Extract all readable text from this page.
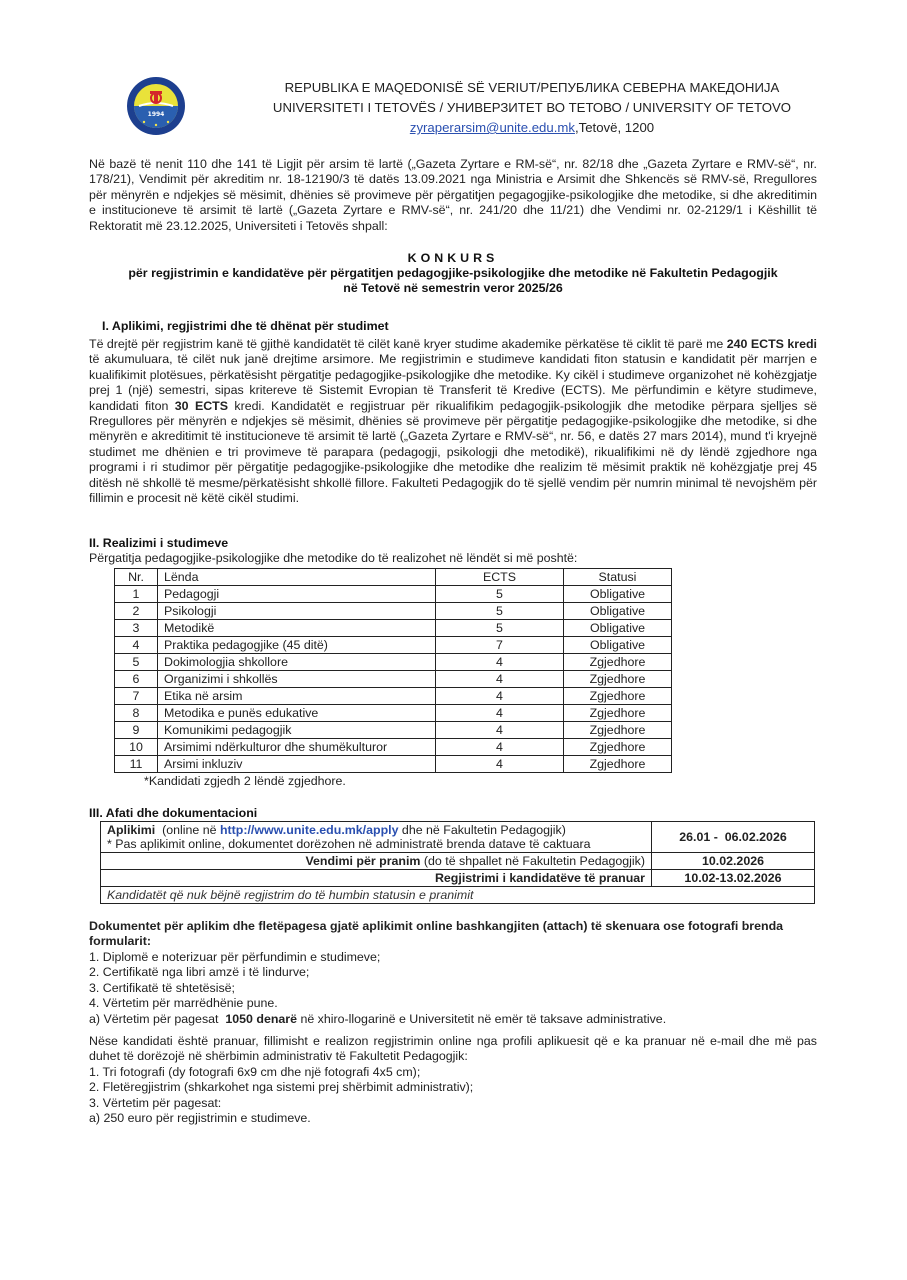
1994
REPUBLIKA E MAQEDONISË SË VERIUT/РЕПУБЛИКА СЕВЕРНА МАКЕДОНИЈА
UNIVERSITETI I TETOVËS / УНИВЕРЗИТЕТ ВО ТЕТОВО / UNIVERSITY OF TETOVO
zyraperarsim@unite.edu.mk,Tetovë, 1200

Në bazë të nenit 110 dhe 141 të Ligjit për arsim të lartë („Gazeta Zyrtare e RM-së“, nr. 82/18 dhe „Gazeta Zyrtare e RMV-së“, nr. 178/21), Vendimit për akreditim nr. 18-12190/3 të datës 13.09.2021 nga Ministria e Arsimit dhe Shkencës së RMV-së, Rregullores për mënyrën e ndjekjes së mësimit, dhënies së provimeve për përgatitjen pegagogjike-psikologjike dhe metodike, si dhe akreditimin e institucioneve të arsimit të lartë („Gazeta Zyrtare e RMV-së“, nr. 241/20 dhe 11/21) dhe Vendimi nr. 02-2129/1 i Këshillit të Rektoratit më 23.12.2025, Universiteti i Tetovës shpall:

KONKURS
për regjistrimin e kandidatëve për përgatitjen pedagogjike-psikologjike dhe metodike në Fakultetin Pedagogjik
në Tetovë në semestrin veror 2025/26
I. Aplikimi, regjistrimi dhe të dhënat për studimet

Të drejtë për regjistrim kanë të gjithë kandidatët të cilët kanë kryer studime akademike përkatëse të ciklit të parë me 240 ECTS kredi të akumuluara, të cilët nuk janë drejtime arsimore. Me regjistrimin e studimeve kandidati fiton statusin e kandidatit për marrjen e kualifikimit plotësues, përkatësisht përgatitje pedagogjike-psikologjike dhe metodike. Ky cikël i studimeve organizohet në kohëzgjatje prej 1 (një) semestri, sipas kritereve të Sistemit Evropian të Transferit të Kredive (ECTS). Me përfundimin e këtyre studimeve, kandidati fiton 30 ECTS kredi. Kandidatët e regjistruar për rikualifikim pedagogjik-psikologjik dhe metodike përpara sjelljes së Rregullores për mënyrën e ndjekjes së mësimit, dhënies së provimeve për përgatitje pedagogjike-psikologjike dhe metodike, si dhe mënyrën e akreditimit të institucioneve të arsimit të lartë („Gazeta Zyrtare e RMV-së“, nr. 56, e datës 27 mars 2014), mund t'i kryejnë studimet me dhënien e tri provimeve të parapara (pedagogji, psikologji dhe metodikë), rikualifikimi në dy lëndë zgjedhore nga programi i ri studimor për përgatitje pedagogjike-psikologjike dhe metodike dhe realizim të mësimit praktik në kohëzgjatje prej 45 ditësh në shkollë të mesme/përkatësisht shkollë fillore. Fakulteti Pedagogjik do të sjellë vendim për numrin minimal të nevojshëm për fillimin e procesit në këtë cikël studimi.

II. Realizimi i studimeve
Përgatitja pedagogjike-psikologjike dhe metodike do të realizohet në lëndët si më poshtë:
Nr.	Lënda	ECTS	Statusi
1	Pedagogji	5	Obligative
2	Psikologji	5	Obligative
3	Metodikë	5	Obligative
4	Praktika pedagogjike (45 ditë)	7	Obligative
5	Dokimologjia shkollore	4	Zgjedhore
6	Organizimi i shkollës	4	Zgjedhore
7	Etika në arsim	4	Zgjedhore
8	Metodika e punës edukative	4	Zgjedhore
9	Komunikimi pedagogjik	4	Zgjedhore
10	Arsimimi ndërkulturor dhe shumëkulturor	4	Zgjedhore
11	Arsimi inkluziv	4	Zgjedhore
*Kandidati zgjedh 2 lëndë zgjedhore.
III. Afati dhe dokumentacioni
Aplikimi  (online në http://www.unite.edu.mk/apply dhe në Fakultetin Pedagogjik)
* Pas aplikimit online, dokumentet dorëzohen në administratë brenda datave të caktuara	26.01 -  06.02.2026
Vendimi për pranim (do të shpallet në Fakultetin Pedagogjik)	10.02.2026
Regjistrimi i kandidatëve të pranuar	10.02-13.02.2026
Kandidatët që nuk bëjnë regjistrim do të humbin statusin e pranimit	
Dokumentet për aplikim dhe fletëpagesa gjatë aplikimit online bashkangjiten (attach) të skenuara ose fotografi brenda formularit:
1. Diplomë e noterizuar për përfundimin e studimeve;
2. Certifikatë nga libri amzë i të lindurve;
3. Certifikatë të shtetësisë;
4. Vërtetim për marrëdhënie pune.
a) Vërtetim për pagesat  1050 denarë në xhiro-llogarinë e Universitetit në emër të taksave administrative.
Nëse kandidati është pranuar, fillimisht e realizon regjistrimin online nga profili aplikuesit që e ka pranuar në e-mail dhe më pas duhet të dorëzojë në shërbimin administrativ të Fakultetit Pedagogjik:
1. Tri fotografi (dy fotografi 6x9 cm dhe një fotografi 4x5 cm);
2. Fletëregjistrim (shkarkohet nga sistemi prej shërbimit administrativ);
3. Vërtetim për pagesat:
a) 250 euro për regjistrimin e studimeve.
